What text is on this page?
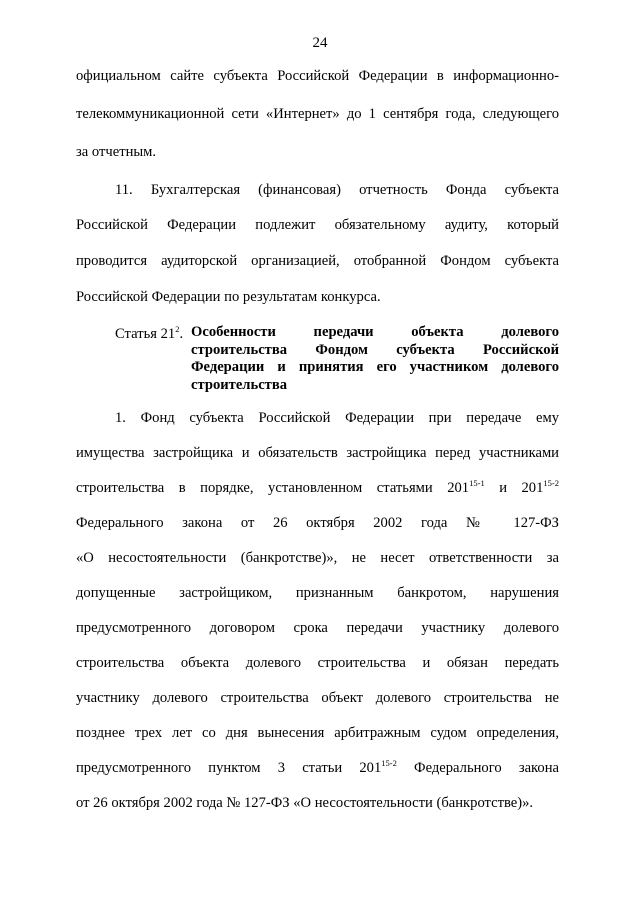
24
официальном сайте субъекта Российской Федерации в информационно-
телекоммуникационной сети «Интернет» до 1 сентября года, следующего
за отчетным.
11. Бухгалтерская (финансовая) отчетность Фонда субъекта
Российской Федерации подлежит обязательному аудиту, который
проводится аудиторской организацией, отобранной Фондом субъекта
Российской Федерации по результатам конкурса.
Статья $21^2$. Особенности передачи объекта долевого
строительства Фондом субъекта Российской
Федерации и принятия его участником долевого
строительства
1. Фонд субъекта Российской Федерации при передаче ему
имущества застройщика и обязательств застройщика перед участниками
строительства в порядке, установленном статьями 201$^{15-1}$ и 201$^{15-2}$
Федерального закона от 26 октября 2002 года № 127-ФЗ
«О несостоятельности (банкротстве)», не несет ответственности за
допущенные застройщиком, признанным банкротом, нарушения
предусмотренного договором срока передачи участнику долевого
строительства объекта долевого строительства и обязан передать
участнику долевого строительства объект долевого строительства не
позднее трех лет со дня вынесения арбитражным судом определения,
предусмотренного пунктом 3 статьи 201$^{15-2}$ Федерального закона
от 26 октября 2002 года № 127-ФЗ «О несостоятельности (банкротстве)».
